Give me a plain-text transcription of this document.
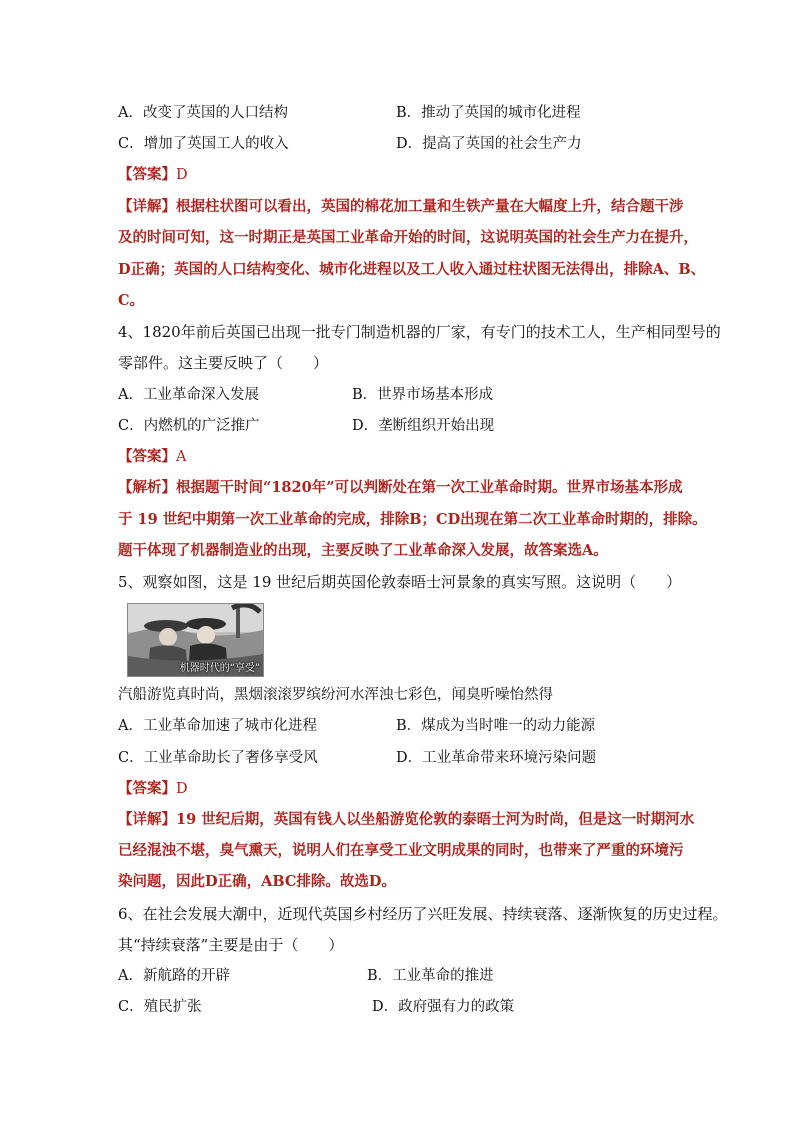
A．改变了英国的人口结构	B．推动了英国的城市化进程
C．增加了英国工人的收入	D．提高了英国的社会生产力
【答案】D
【详解】根据柱状图可以看出，英国的棉花加工量和生铁产量在大幅度上升，结合题干涉
及的时间可知，这一时期正是英国工业革命开始的时间，这说明英国的社会生产力在提升，
D正确；英国的人口结构变化、城市化进程以及工人收入通过柱状图无法得出，排除A、B、
C。
4、1820年前后英国已出现一批专门制造机器的厂家，有专门的技术工人，生产相同型号的
零部件。这主要反映了（　　）
A．工业革命深入发展	B．世界市场基本形成
C．内燃机的广泛推广	D．垄断组织开始出现
【答案】A
【解析】根据题干时间“1820年”可以判断处在第一次工业革命时期。世界市场基本形成
于 19 世纪中期第一次工业革命的完成，排除B；CD出现在第二次工业革命时期的，排除。
题干体现了机器制造业的出现，主要反映了工业革命深入发展，故答案选A。
5、观察如图，这是 19 世纪后期英国伦敦泰晤士河景象的真实写照。这说明（　　）
机器时代的“享受”
汽船游览真时尚，黑烟滚滚罗缤纷河水浑浊七彩色，闻臭听噪怡然得
A．工业革命加速了城市化进程	B．煤成为当时唯一的动力能源
C．工业革命助长了奢侈享受风	D．工业革命带来环境污染问题
【答案】D
【详解】19 世纪后期，英国有钱人以坐船游览伦敦的泰晤士河为时尚，但是这一时期河水
已经混浊不堪，臭气熏天，说明人们在享受工业文明成果的同时，也带来了严重的环境污
染问题，因此D正确，ABC排除。故选D。
6、在社会发展大潮中，近现代英国乡村经历了兴旺发展、持续衰落、逐渐恢复的历史过程。
其“持续衰落”主要是由于（　　）
A．新航路的开辟	B．工业革命的推进
C．殖民扩张	D．政府强有力的政策
